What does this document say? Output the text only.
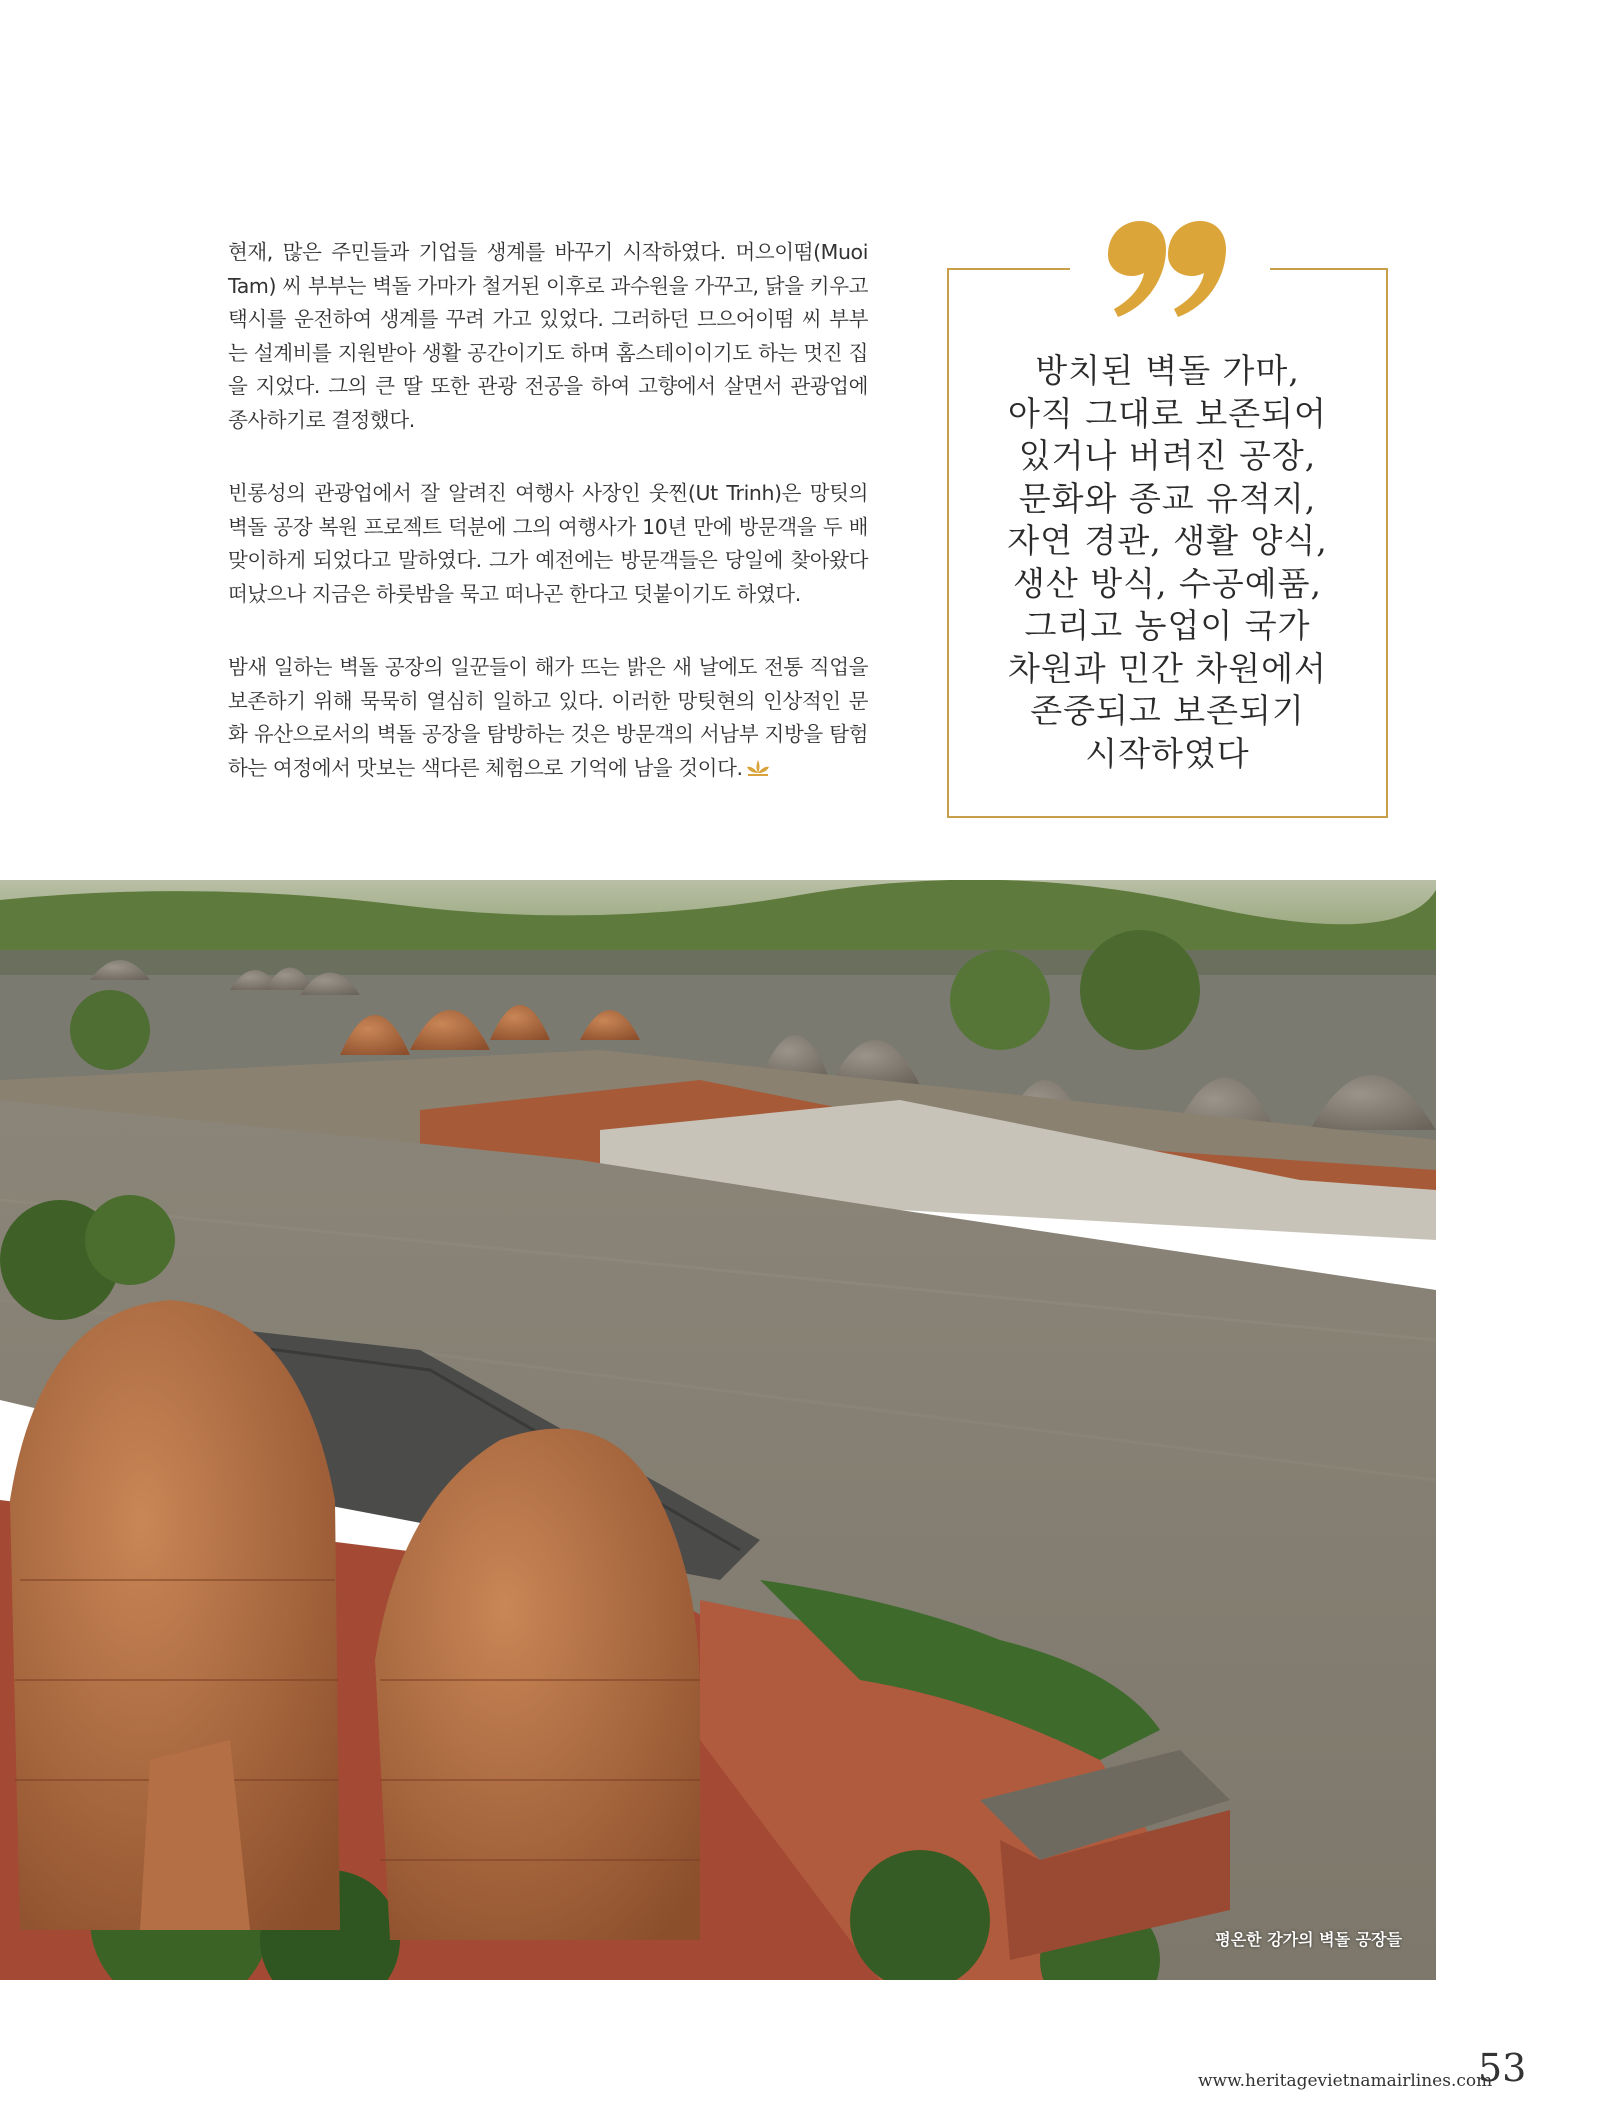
현재, 많은 주민들과 기업들 생계를 바꾸기 시작하였다. 머으이떰(Muoi Tam) 씨 부부는 벽돌 가마가 철거된 이후로 과수원을 가꾸고, 닭을 키우고 택시를 운전하여 생계를 꾸려 가고 있었다. 그러하던 므으어이떰 씨 부부는 설계비를 지원받아 생활 공간이기도 하며 홈스테이이기도 하는 멋진 집을 지었다. 그의 큰 딸 또한 관광 전공을 하여 고향에서 살면서 관광업에 종사하기로 결정했다.

빈롱성의 관광업에서 잘 알려진 여행사 사장인 웃찐(Ut Trinh)은 망팃의 벽돌 공장 복원 프로젝트 덕분에 그의 여행사가 10년 만에 방문객을 두 배 맞이하게 되었다고 말하였다. 그가 예전에는 방문객들은 당일에 찾아왔다 떠났으나 지금은 하룻밤을 묵고 떠나곤 한다고 덧붙이기도 하였다.

밤새 일하는 벽돌 공장의 일꾼들이 해가 뜨는 밝은 새 날에도 전통 직업을 보존하기 위해 묵묵히 열심히 일하고 있다. 이러한 망팃현의 인상적인 문화 유산으로서의 벽돌 공장을 탐방하는 것은 방문객의 서남부 지방을 탐험하는 여정에서 맛보는 색다른 체험으로 기억에 남을 것이다.

방치된 벽돌 가마,
아직 그대로 보존되어
있거나 버려진 공장,
문화와 종교 유적지,
자연 경관, 생활 양식,
생산 방식, 수공예품,
그리고 농업이 국가
차원과 민간 차원에서
존중되고 보존되기
시작하였다
평온한 강가의 벽돌 공장들
www.heritagevietnamairlines.com
53
